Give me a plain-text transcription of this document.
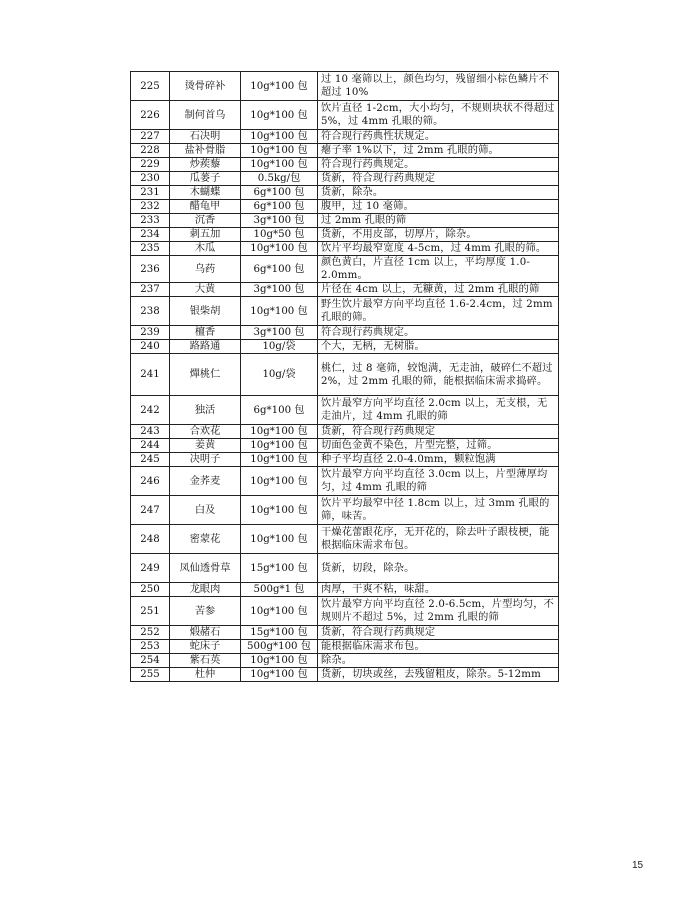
225	烫骨碎补	10g*100 包	过 10 毫筛以上，颜色均匀，残留细小棕色鳞片不超过 10%
226	制何首乌	10g*100 包	饮片直径 1-2cm，大小均匀，不规则块状不得超过 5%，过 4mm 孔眼的筛。
227	石决明	10g*100 包	符合现行药典性状规定。
228	盐补骨脂	10g*100 包	瘪子率 1%以下，过 2mm 孔眼的筛。
229	炒蒺藜	10g*100 包	符合现行药典规定。
230	瓜蒌子	0.5kg/包	货新，符合现行药典规定
231	木蝴蝶	6g*100 包	货新，除杂。
232	醋龟甲	6g*100 包	腹甲，过 10 毫筛。
233	沉香	3g*100 包	过 2mm 孔眼的筛
234	刺五加	10g*50 包	货新，不用皮部，切厚片，除杂。
235	木瓜	10g*100 包	饮片平均最窄宽度 4-5cm，过 4mm 孔眼的筛。
236	乌药	6g*100 包	颜色黄白，片直径 1cm 以上，平均厚度 1.0-2.0mm。
237	大黄	3g*100 包	片径在 4cm 以上，无糠黄，过 2mm 孔眼的筛
238	银柴胡	10g*100 包	野生饮片最窄方向平均直径 1.6-2.4cm，过 2mm 孔眼的筛。
239	檀香	3g*100 包	符合现行药典规定。
240	路路通	10g/袋	个大，无柄，无树脂。
241	燀桃仁	10g/袋	桃仁，过 8 毫筛，较饱满，无走油，破碎仁不超过 2%，过 2mm 孔眼的筛，能根据临床需求捣碎。
242	独活	6g*100 包	饮片最窄方向平均直径 2.0cm 以上，无支根，无走油片，过 4mm 孔眼的筛
243	合欢花	10g*100 包	货新，符合现行药典规定
244	姜黄	10g*100 包	切面色金黄不染色，片型完整，过筛。
245	决明子	10g*100 包	种子平均直径 2.0-4.0mm，颗粒饱满
246	金荞麦	10g*100 包	饮片最窄方向平均直径 3.0cm 以上，片型薄厚均匀，过 4mm 孔眼的筛
247	白及	10g*100 包	饮片平均最窄中径 1.8cm 以上，过 3mm 孔眼的筛，味苦。
248	密蒙花	10g*100 包	干燥花蕾跟花序，无开花的，除去叶子跟枝梗，能根据临床需求布包。
249	凤仙透骨草	15g*100 包	货新，切段，除杂。
250	龙眼肉	500g*1 包	肉厚，干爽不粘，味甜。
251	苦参	10g*100 包	饮片最窄方向平均直径 2.0-6.5cm，片型均匀，不规则片不超过 5%，过 2mm 孔眼的筛
252	煅赭石	15g*100 包	货新，符合现行药典规定
253	蛇床子	500g*100 包	能根据临床需求布包。
254	紫石英	10g*100 包	除杂。
255	杜仲	10g*100 包	货新，切块或丝，去残留粗皮，除杂。5-12mm
15
